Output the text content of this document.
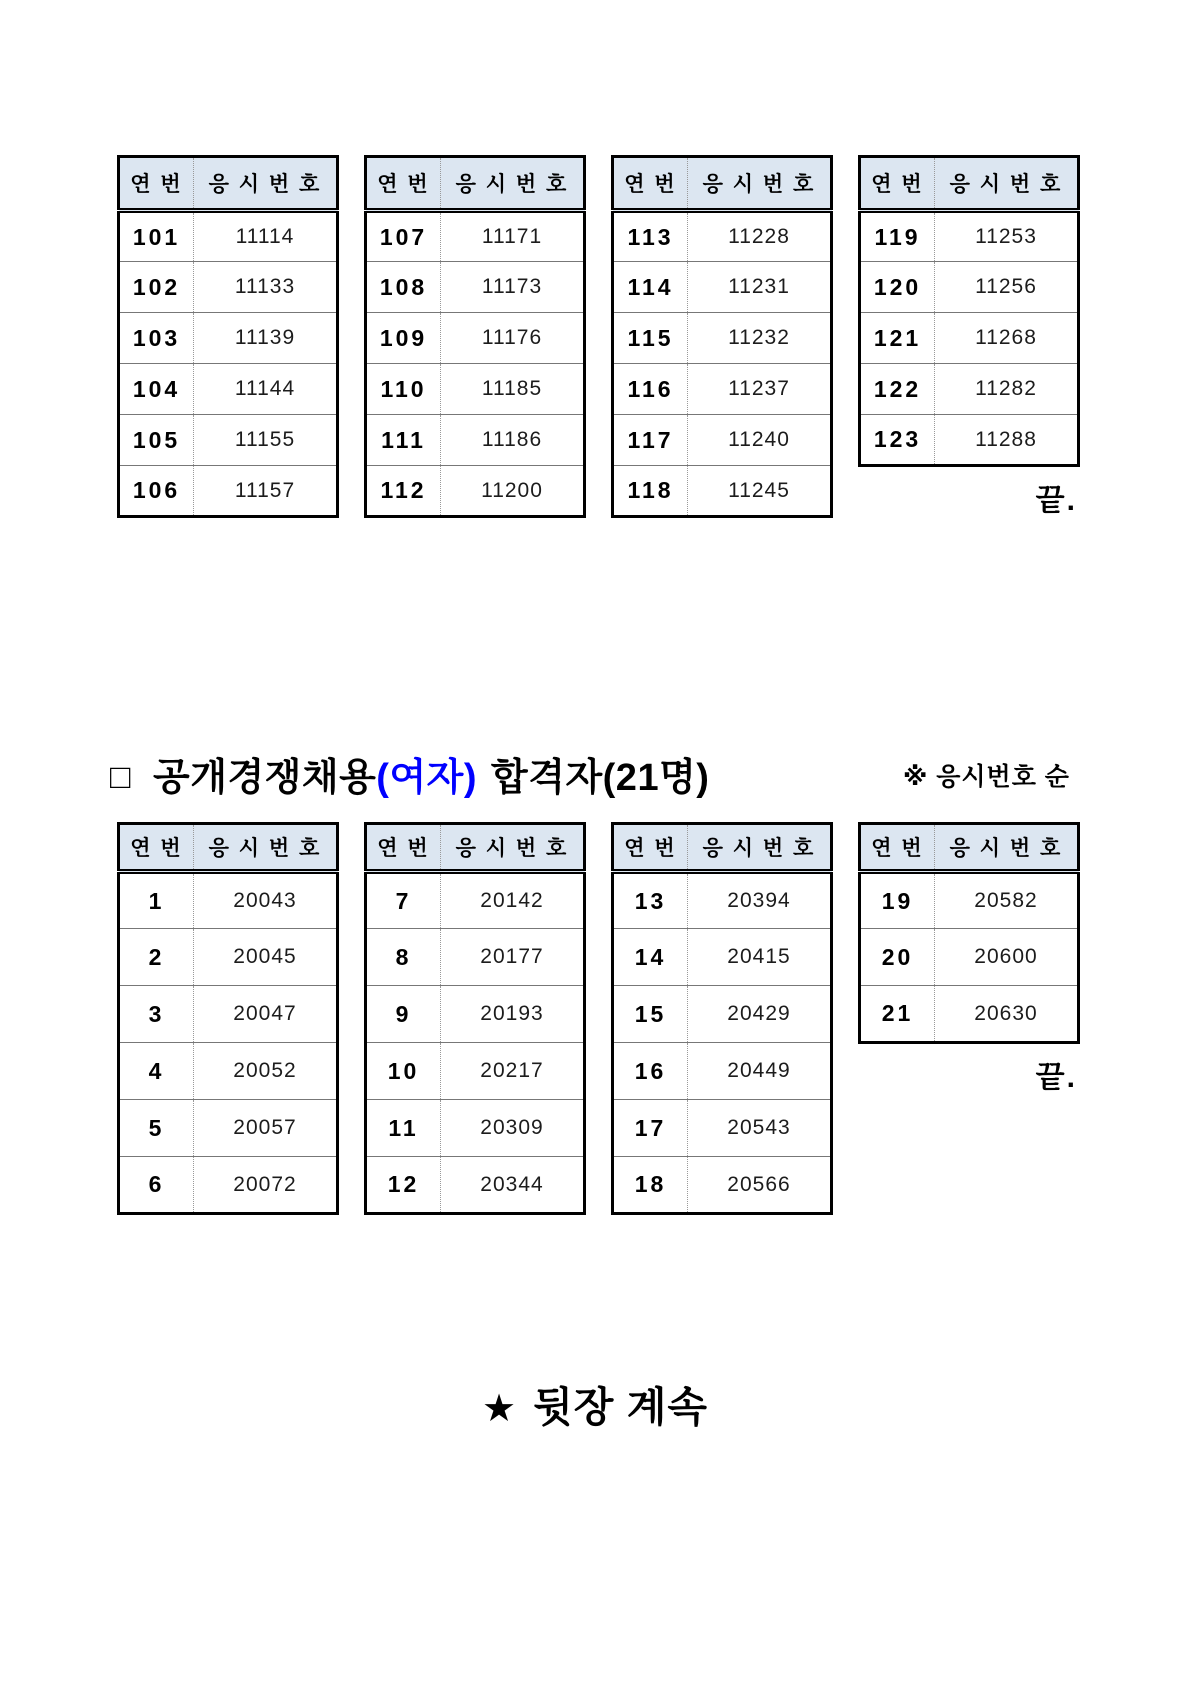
연 번	응 시 번 호
101	11114
102	11133
103	11139
104	11144
105	11155
106	11157
연 번	응 시 번 호
107	11171
108	11173
109	11176
110	11185
111	11186
112	11200
연 번	응 시 번 호
113	11228
114	11231
115	11232
116	11237
117	11240
118	11245
연 번	응 시 번 호
119	11253
120	11256
121	11268
122	11282
123	11288
끝.
□ 공개경쟁채용(여자) 합격자(21명)	※ 응시번호 순
연 번	응 시 번 호
1	20043
2	20045
3	20047
4	20052
5	20057
6	20072
연 번	응 시 번 호
7	20142
8	20177
9	20193
10	20217
11	20309
12	20344
연 번	응 시 번 호
13	20394
14	20415
15	20429
16	20449
17	20543
18	20566
연 번	응 시 번 호
19	20582
20	20600
21	20630
끝.
★ 뒷장 계속
